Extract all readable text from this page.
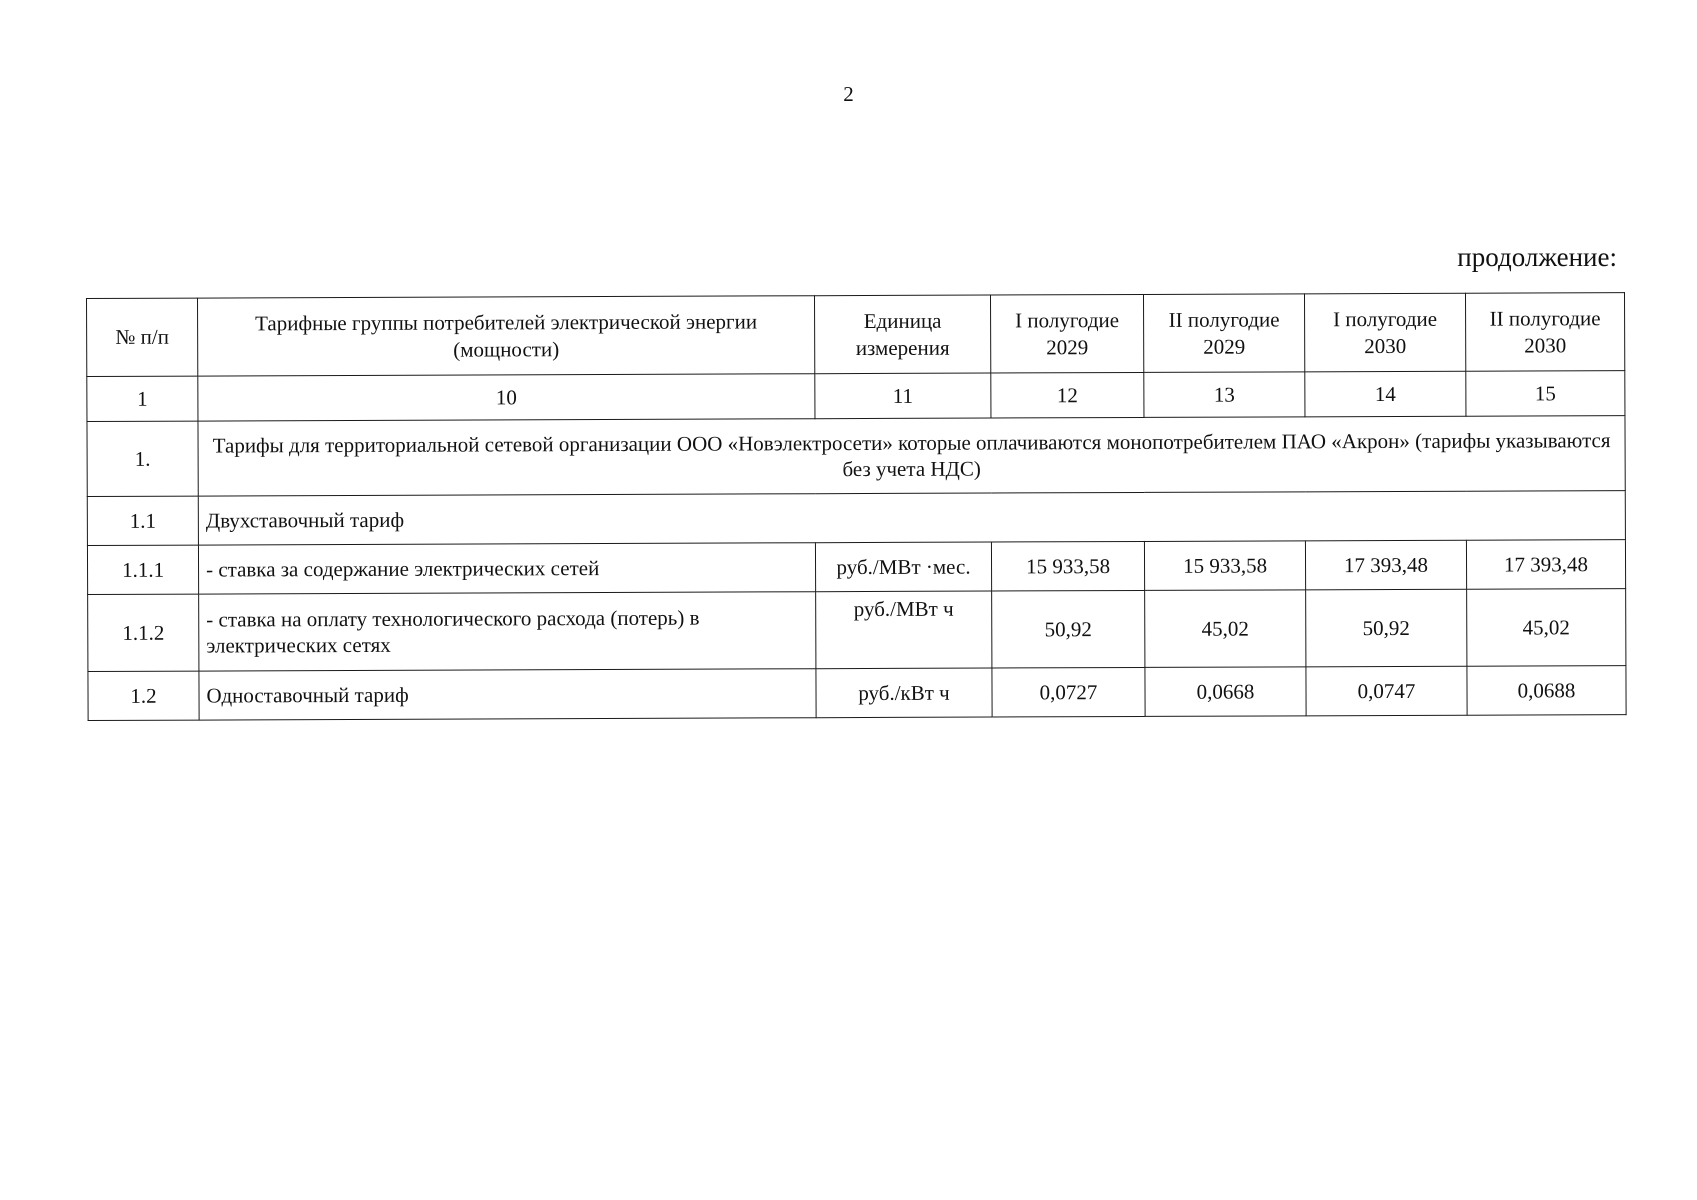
2
продолжение:
№ п/п	Тарифные группы потребителей электрической энергии (мощности)	Единица измерения	I полугодие 2029	II полугодие 2029	I полугодие 2030	II полугодие 2030
1	10	11	12	13	14	15
1.	Тарифы для территориальной сетевой организации ООО «Новэлектросети» которые оплачиваются монопотребителем ПАО «Акрон» (тарифы указываются без учета НДС)					
1.1	Двухставочный тариф					
1.1.1	- ставка за содержание электрических сетей	руб./МВт ·мес.	15 933,58	15 933,58	17 393,48	17 393,48
1.1.2	- ставка на оплату технологического расхода (потерь) в электрических сетях	руб./МВт ч	50,92	45,02	50,92	45,02
1.2	Одноставочный тариф	руб./кВт ч	0,0727	0,0668	0,0747	0,0688
